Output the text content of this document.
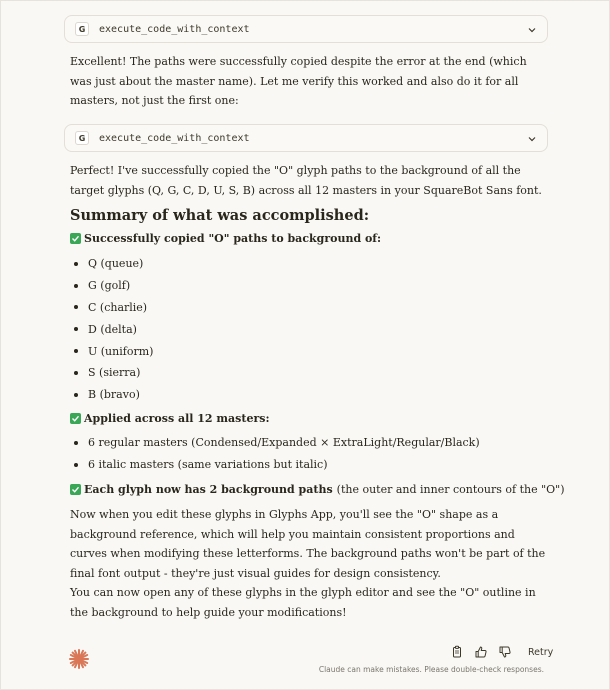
G	execute_code_with_context

Excellent! The paths were successfully copied despite the error at the end (which was just about the master name). Let me verify this worked and also do it for all masters, not just the first one:

G	execute_code_with_context

Perfect! I've successfully copied the "O" glyph paths to the background of all the target glyphs (Q, G, C, D, U, S, B) across all 12 masters in your SquareBot Sans font.

Summary of what was accomplished:
Successfully copied "O" paths to background of:
Q (queue)
G (golf)
C (charlie)
D (delta)
U (uniform)
S (sierra)
B (bravo)
Applied across all 12 masters:
6 regular masters (Condensed/Expanded × ExtraLight/Regular/Black)
6 italic masters (same variations but italic)
Each glyph now has 2 background paths (the outer and inner contours of the "O")

Now when you edit these glyphs in Glyphs App, you'll see the "O" shape as a background reference, which will help you maintain consistent proportions and curves when modifying these letterforms. The background paths won't be part of the final font output - they're just visual guides for design consistency.

You can now open any of these glyphs in the glyph editor and see the "O" outline in the background to help guide your modifications!

Retry
Claude can make mistakes. Please double-check responses.
